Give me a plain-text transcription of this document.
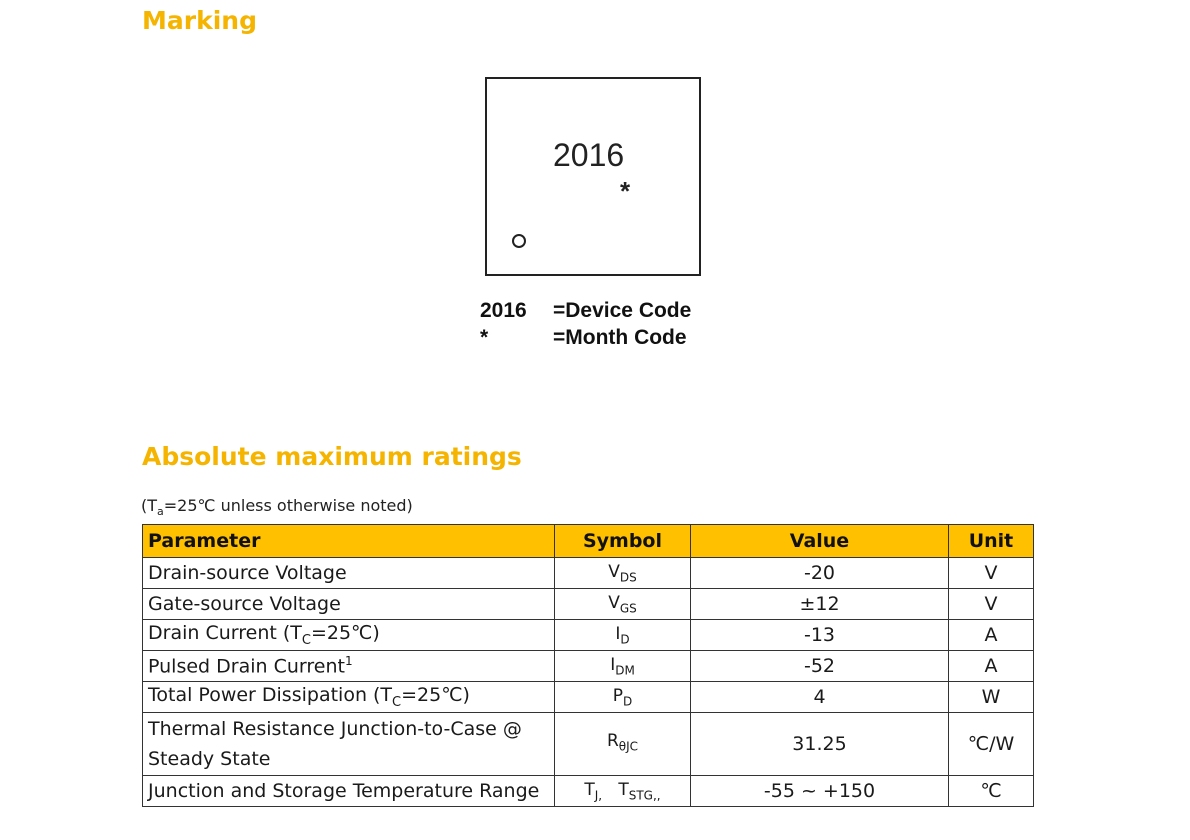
Marking
2016
*
2016	=Device Code
*	=Month Code
Absolute maximum ratings
($T_a=25℃$ unless otherwise noted)
Parameter	Symbol	Value	Unit
Drain-source Voltage	$V_{DS}$	-20	V
Gate-source Voltage	$V_{GS}$	±12	V
Drain Current $(T_C=25℃)$	$I_D$	-13	A
Pulsed Drain Current$^1$	$I_{DM}$	-52	A
Total Power Dissipation $(T_C=25℃)$	$P_D$	4	W
Thermal Resistance Junction-to-Case @
Steady State	$R_{\theta JC}$	31.25	℃/W
Junction and Storage Temperature Range	$T_{J,}$ $T_{STG,,}$	-55 ~ +150	℃
